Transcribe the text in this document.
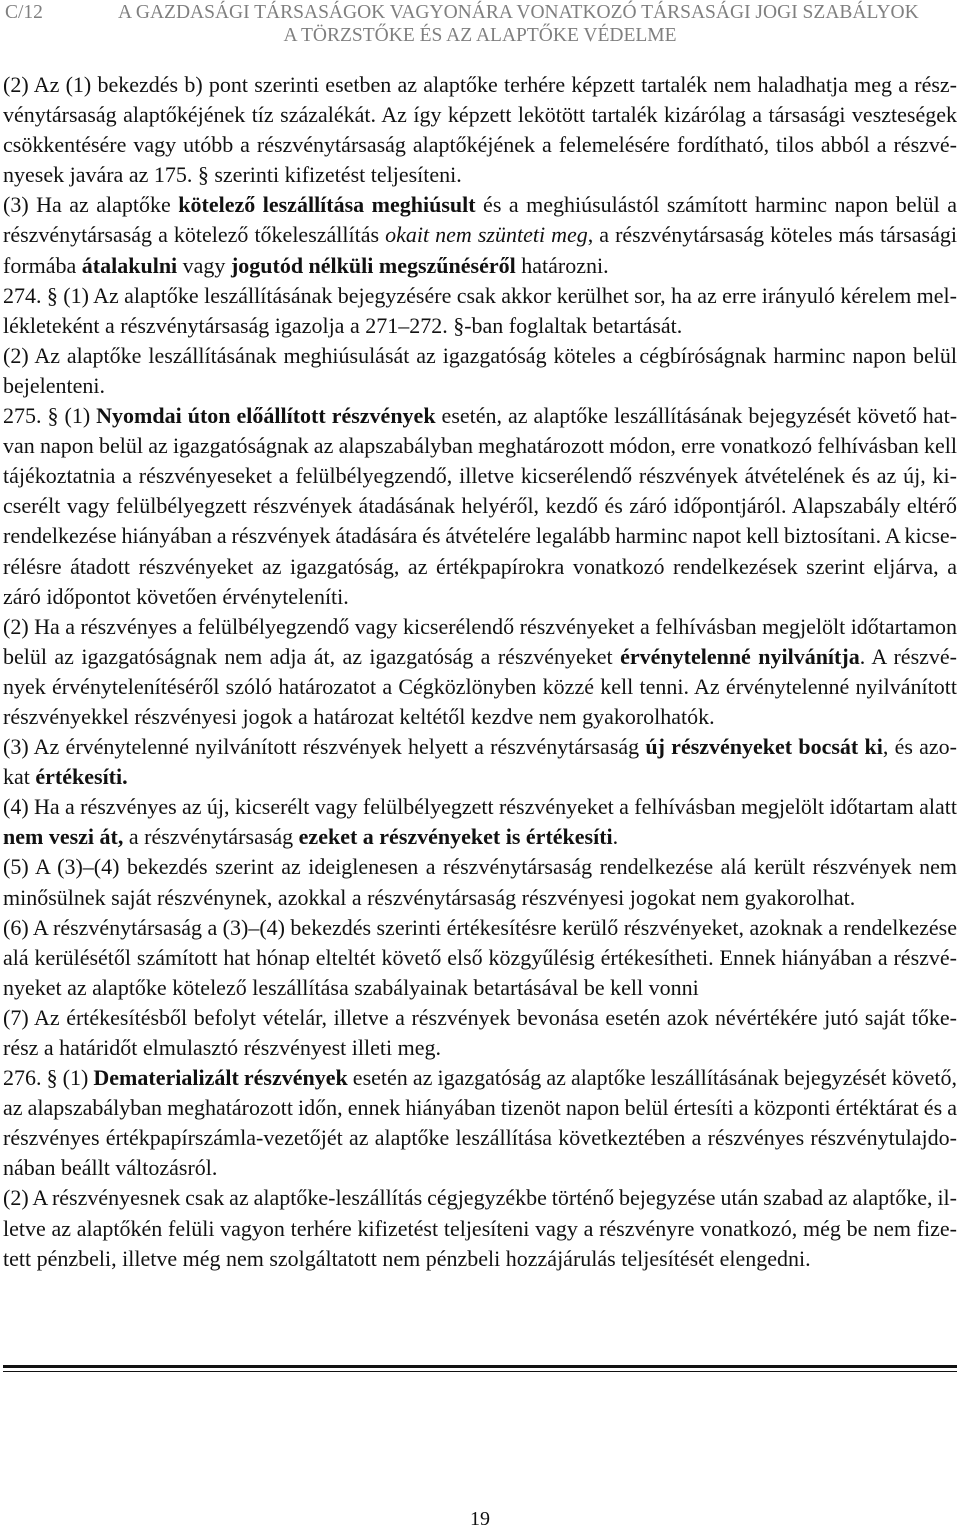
C/12	A GAZDASÁGI TÁRSASÁGOK VAGYONÁRA VONATKOZÓ TÁRSASÁGI JOGI SZABÁLYOK
A TÖRZSTŐKE ÉS AZ ALAPTŐKE VÉDELME
(2) Az (1) bekezdés b) pont szerinti esetben az alaptőke terhére képzett tartalék nem haladhatja meg a rész-
vénytársaság alaptőkéjének tíz százalékát. Az így képzett lekötött tartalék kizárólag a társasági veszteségek
csökkentésére vagy utóbb a részvénytársaság alaptőkéjének a felemelésére fordítható, tilos abból a részvé-
nyesek javára az 175. § szerinti kifizetést teljesíteni.
(3) Ha az alaptőke kötelező leszállítása meghiúsult és a meghiúsulástól számított harminc napon belül a
részvénytársaság a kötelező tőkeleszállítás okait nem szünteti meg, a részvénytársaság köteles más társasági
formába átalakulni vagy jogutód nélküli megszűnéséről határozni.
274. § (1) Az alaptőke leszállításának bejegyzésére csak akkor kerülhet sor, ha az erre irányuló kérelem mel-
lékleteként a részvénytársaság igazolja a 271–272. §-ban foglaltak betartását.
(2) Az alaptőke leszállításának meghiúsulását az igazgatóság köteles a cégbíróságnak harminc napon belül
bejelenteni.
275. § (1) Nyomdai úton előállított részvények esetén, az alaptőke leszállításának bejegyzését követő hat-
van napon belül az igazgatóságnak az alapszabályban meghatározott módon, erre vonatkozó felhívásban kell
tájékoztatnia a részvényeseket a felülbélyegzendő, illetve kicserélendő részvények átvételének és az új, ki-
cserélt vagy felülbélyegzett részvények átadásának helyéről, kezdő és záró időpontjáról. Alapszabály eltérő
rendelkezése hiányában a részvények átadására és átvételére legalább harminc napot kell biztosítani. A kicse-
rélésre átadott részvényeket az igazgatóság, az értékpapírokra vonatkozó rendelkezések szerint eljárva, a
záró időpontot követően érvényteleníti.
(2) Ha a részvényes a felülbélyegzendő vagy kicserélendő részvényeket a felhívásban megjelölt időtartamon
belül az igazgatóságnak nem adja át, az igazgatóság a részvényeket érvénytelenné nyilvánítja. A részvé-
nyek érvénytelenítéséről szóló határozatot a Cégközlönyben közzé kell tenni. Az érvénytelenné nyilvánított
részvényekkel részvényesi jogok a határozat keltétől kezdve nem gyakorolhatók.
(3) Az érvénytelenné nyilvánított részvények helyett a részvénytársaság új részvényeket bocsát ki, és azo-
kat értékesíti.
(4) Ha a részvényes az új, kicserélt vagy felülbélyegzett részvényeket a felhívásban megjelölt időtartam alatt
nem veszi át, a részvénytársaság ezeket a részvényeket is értékesíti.
(5) A (3)–(4) bekezdés szerint az ideiglenesen a részvénytársaság rendelkezése alá került részvények nem
minősülnek saját részvénynek, azokkal a részvénytársaság részvényesi jogokat nem gyakorolhat.
(6) A részvénytársaság a (3)–(4) bekezdés szerinti értékesítésre kerülő részvényeket, azoknak a rendelkezése
alá kerülésétől számított hat hónap elteltét követő első közgyűlésig értékesítheti. Ennek hiányában a részvé-
nyeket az alaptőke kötelező leszállítása szabályainak betartásával be kell vonni
(7) Az értékesítésből befolyt vételár, illetve a részvények bevonása esetén azok névértékére jutó saját tőke-
rész a határidőt elmulasztó részvényest illeti meg.
276. § (1) Dematerializált részvények esetén az igazgatóság az alaptőke leszállításának bejegyzését követő,
az alapszabályban meghatározott időn, ennek hiányában tizenöt napon belül értesíti a központi értéktárat és a
részvényes értékpapírszámla-vezetőjét az alaptőke leszállítása következtében a részvényes részvénytulajdo-
nában beállt változásról.
(2) A részvényesnek csak az alaptőke-leszállítás cégjegyzékbe történő bejegyzése után szabad az alaptőke, il-
letve az alaptőkén felüli vagyon terhére kifizetést teljesíteni vagy a részvényre vonatkozó, még be nem fize-
tett pénzbeli, illetve még nem szolgáltatott nem pénzbeli hozzájárulás teljesítését elengedni.
19
